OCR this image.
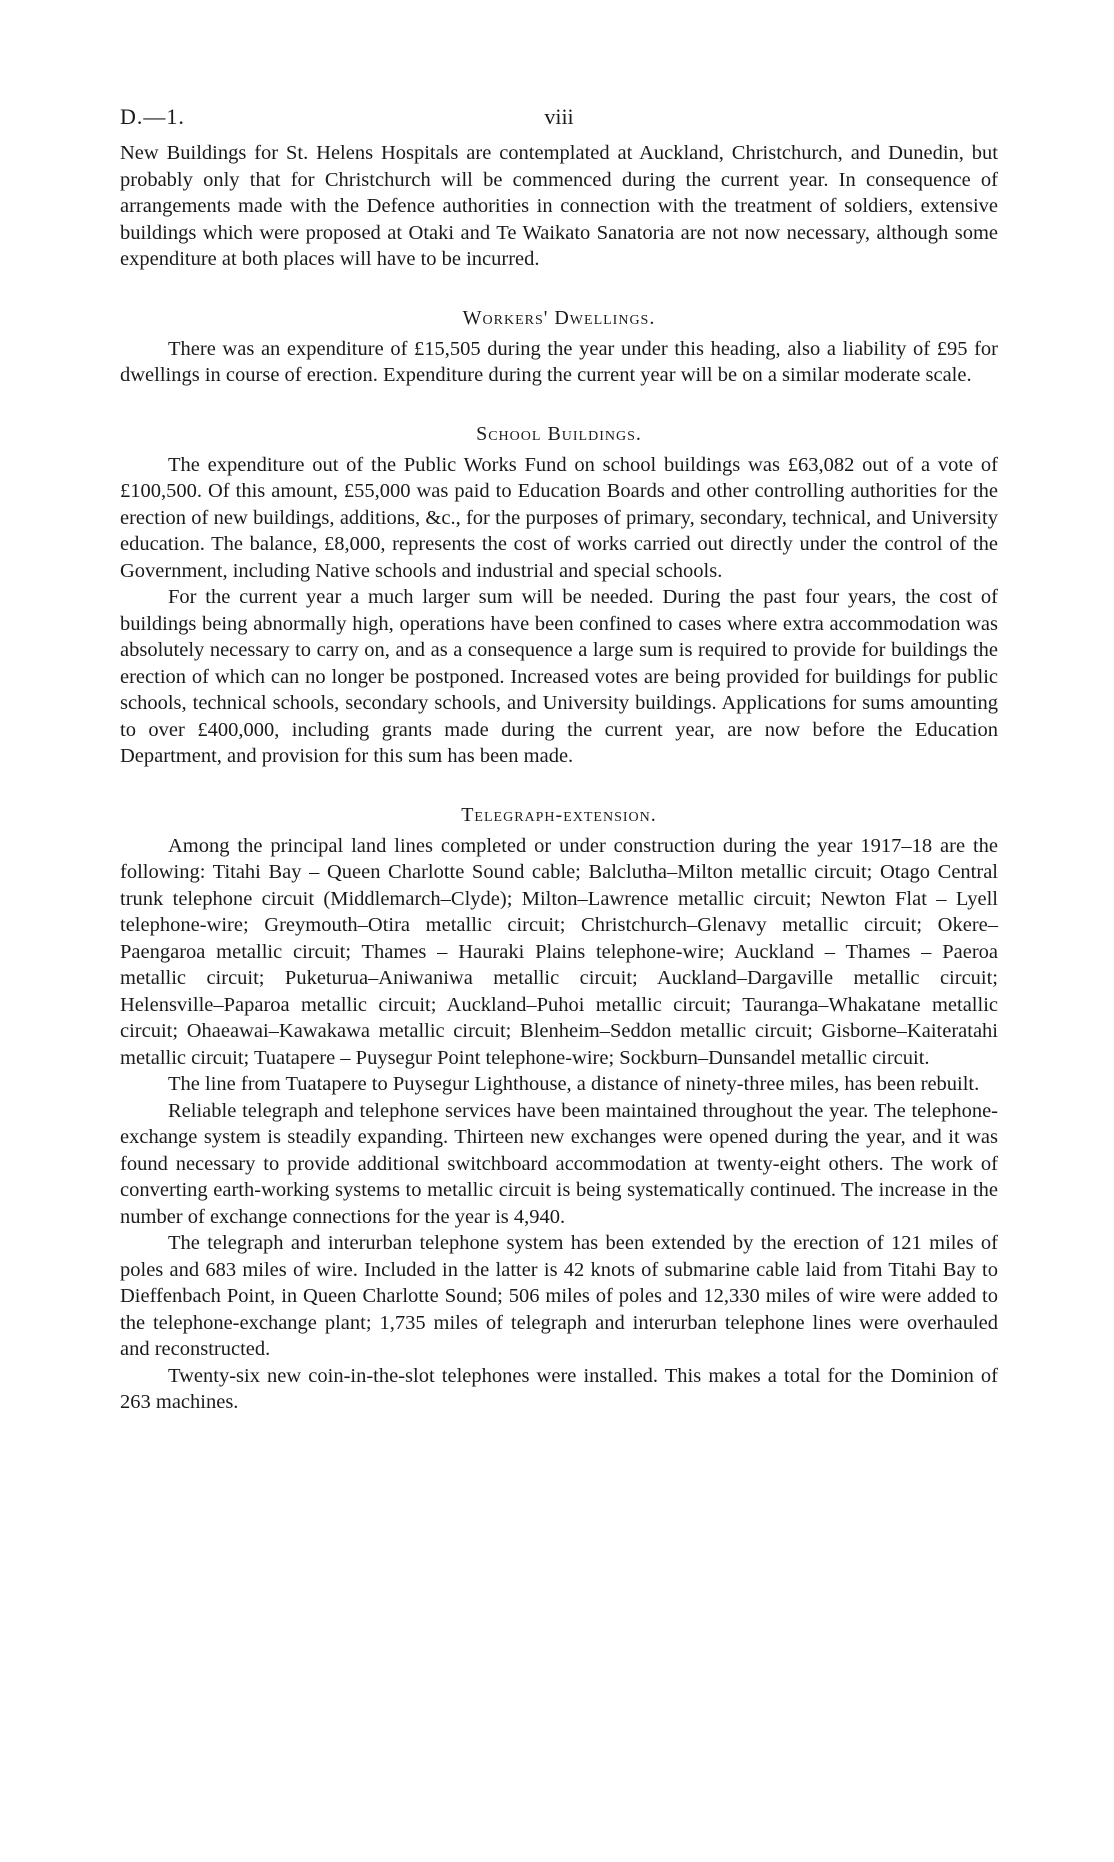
D.—1.	viii

New Buildings for St. Helens Hospitals are contemplated at Auckland, Christchurch, and Dunedin, but probably only that for Christchurch will be commenced during the current year. In consequence of arrangements made with the Defence authorities in connection with the treatment of soldiers, extensive buildings which were proposed at Otaki and Te Waikato Sanatoria are not now necessary, although some expenditure at both places will have to be incurred.

Workers' Dwellings.

There was an expenditure of £15,505 during the year under this heading, also a liability of £95 for dwellings in course of erection. Expenditure during the current year will be on a similar moderate scale.

School Buildings.

The expenditure out of the Public Works Fund on school buildings was £63,082 out of a vote of £100,500. Of this amount, £55,000 was paid to Education Boards and other controlling authorities for the erection of new buildings, additions, &c., for the purposes of primary, secondary, technical, and University education. The balance, £8,000, represents the cost of works carried out directly under the control of the Government, including Native schools and industrial and special schools.

For the current year a much larger sum will be needed. During the past four years, the cost of buildings being abnormally high, operations have been confined to cases where extra accommodation was absolutely necessary to carry on, and as a consequence a large sum is required to provide for buildings the erection of which can no longer be postponed. Increased votes are being provided for buildings for public schools, technical schools, secondary schools, and University buildings. Applications for sums amounting to over £400,000, including grants made during the current year, are now before the Education Department, and provision for this sum has been made.

Telegraph-extension.

Among the principal land lines completed or under construction during the year 1917–18 are the following: Titahi Bay – Queen Charlotte Sound cable; Balclutha–Milton metallic circuit; Otago Central trunk telephone circuit (Middlemarch–Clyde); Milton–Lawrence metallic circuit; Newton Flat – Lyell telephone-wire; Greymouth–Otira metallic circuit; Christchurch–Glenavy metallic circuit; Okere–Paengaroa metallic circuit; Thames – Hauraki Plains telephone-wire; Auckland – Thames – Paeroa metallic circuit; Puketurua–Aniwaniwa metallic circuit; Auckland–Dargaville metallic circuit; Helensville–Paparoa metallic circuit; Auckland–Puhoi metallic circuit; Tauranga–Whakatane metallic circuit; Ohaeawai–Kawakawa metallic circuit; Blenheim–Seddon metallic circuit; Gisborne–Kaiteratahi metallic circuit; Tuatapere – Puysegur Point telephone-wire; Sockburn–Dunsandel metallic circuit.

The line from Tuatapere to Puysegur Lighthouse, a distance of ninety-three miles, has been rebuilt.

Reliable telegraph and telephone services have been maintained throughout the year. The telephone-exchange system is steadily expanding. Thirteen new exchanges were opened during the year, and it was found necessary to provide additional switchboard accommodation at twenty-eight others. The work of converting earth-working systems to metallic circuit is being systematically continued. The increase in the number of exchange connections for the year is 4,940.

The telegraph and interurban telephone system has been extended by the erection of 121 miles of poles and 683 miles of wire. Included in the latter is 42 knots of submarine cable laid from Titahi Bay to Dieffenbach Point, in Queen Charlotte Sound; 506 miles of poles and 12,330 miles of wire were added to the telephone-exchange plant; 1,735 miles of telegraph and interurban telephone lines were overhauled and reconstructed.

Twenty-six new coin-in-the-slot telephones were installed. This makes a total for the Dominion of 263 machines.
